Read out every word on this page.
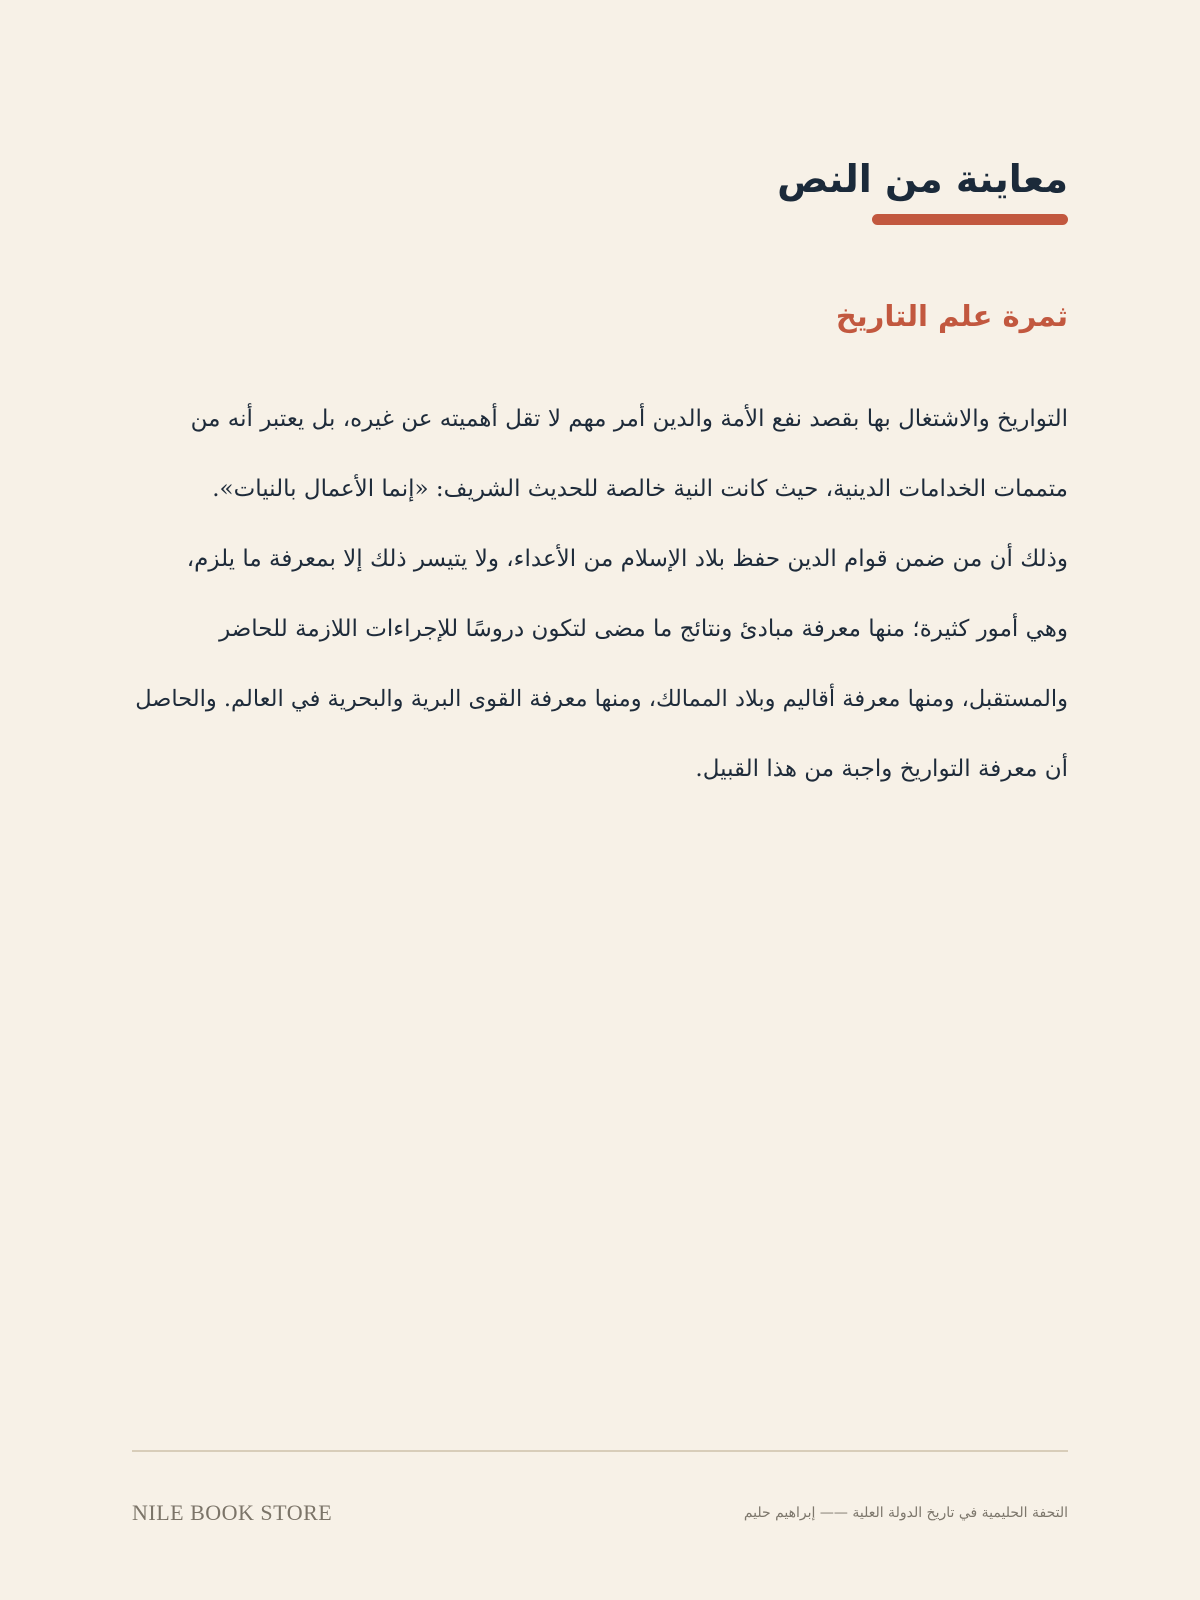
معاينة من النص
ثمرة علم التاريخ

التواريخ والاشتغال بها بقصد نفع الأمة والدين أمر مهم لا تقل أهميته عن غيره، بل يعتبر أنه من
متممات الخدامات الدينية، حيث كانت النية خالصة للحديث الشريف: «إنما الأعمال بالنيات».
وذلك أن من ضمن قوام الدين حفظ بلاد الإسلام من الأعداء، ولا يتيسر ذلك إلا بمعرفة ما يلزم،
وهي أمور كثيرة؛ منها معرفة مبادئ ونتائج ما مضى لتكون دروسًا للإجراءات اللازمة للحاضر
والمستقبل، ومنها معرفة أقاليم وبلاد الممالك، ومنها معرفة القوى البرية والبحرية في العالم. والحاصل
أن معرفة التواريخ واجبة من هذا القبيل.

NILE BOOK STORE	التحفة الحليمية في تاريخ الدولة العلية —— إبراهيم حليم
